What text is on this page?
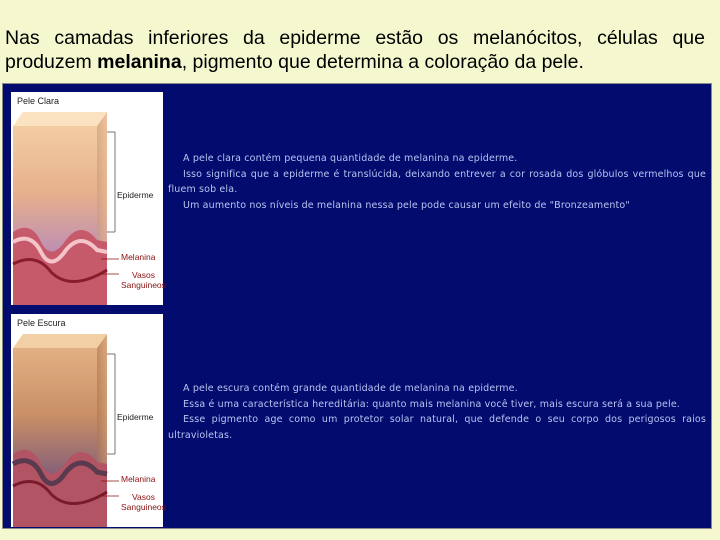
Nas camadas inferiores da epiderme estão os melanócitos, células que produzem melanina, pigmento que determina a coloração da pele.
Pele Clara
Epiderme
Melanina
Vasos
Sanguineos

A pele clara contém pequena quantidade de melanina na epiderme.

Isso significa que a epiderme é translúcida, deixando entrever a cor rosada dos glóbulos vermelhos que fluem sob ela.

Um aumento nos níveis de melanina nessa pele pode causar um efeito de "Bronzeamento"

Pele Escura
Epiderme
Melanina
Vasos
Sanguineos

A pele escura contém grande quantidade de melanina na epiderme.

Essa é uma característica hereditária: quanto mais melanina você tiver, mais escura será a sua pele.

Esse pigmento age como um protetor solar natural, que defende o seu corpo dos perigosos raios ultravioletas.
